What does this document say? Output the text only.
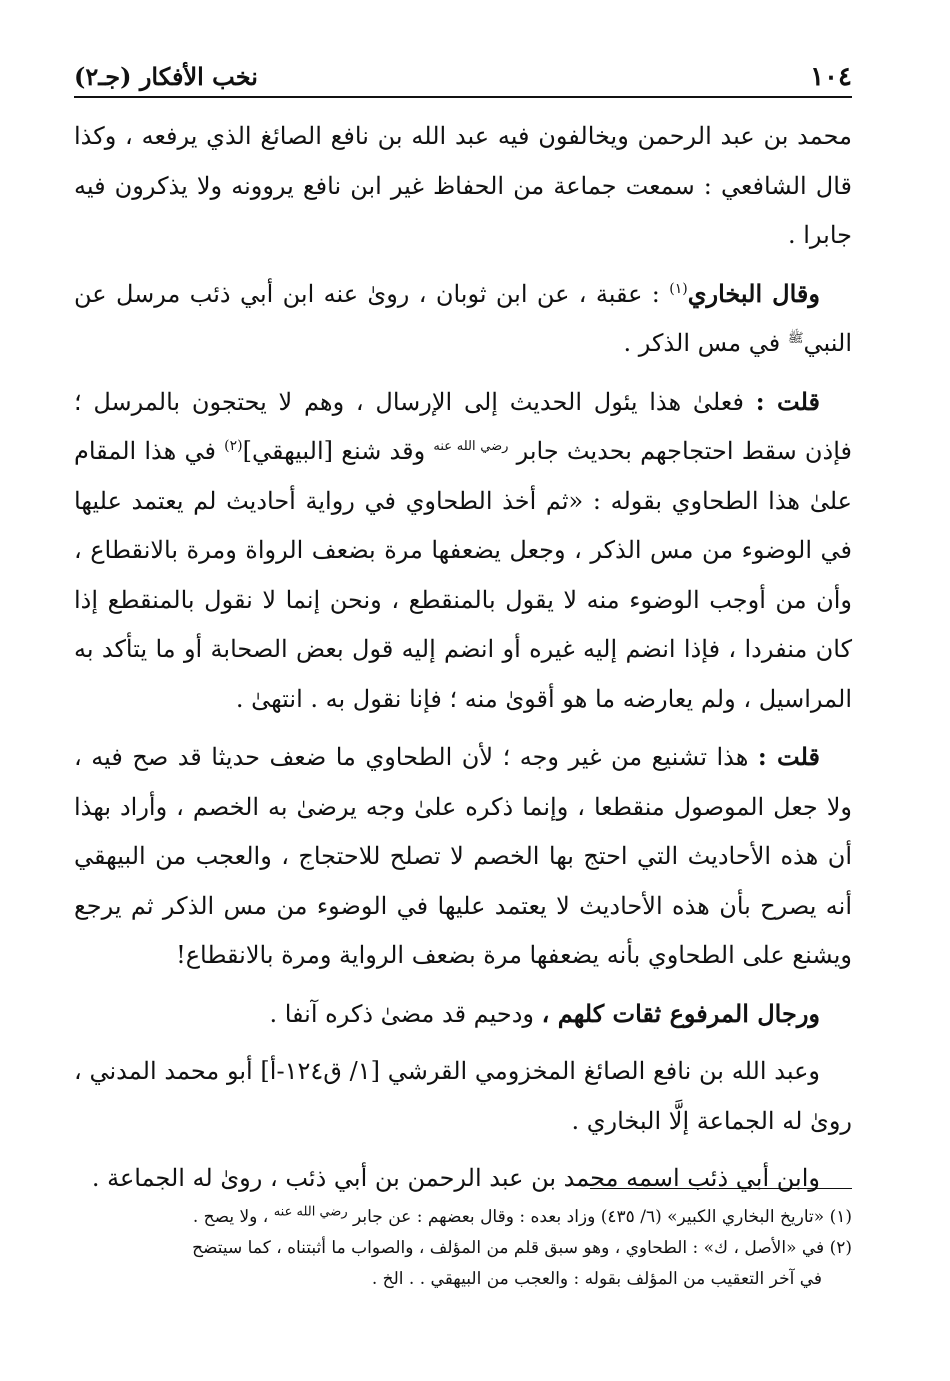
١٠٤
نخب الأفكار (جـ٢)

محمد بن عبد الرحمن ويخالفون فيه عبد الله بن نافع الصائغ الذي يرفعه ، وكذا قال الشافعي : سمعت جماعة من الحفاظ غير ابن نافع يروونه ولا يذكرون فيه جابرا .

وقال البخاري$^{(١)}$ : عقبة ، عن ابن ثوبان ، روىٰ عنه ابن أبي ذئب مرسل عن النبي$^ﷺ$ في مس الذكر .

قلت : فعلىٰ هذا يئول الحديث إلى الإرسال ، وهم لا يحتجون بالمرسل ؛ فإذن سقط احتجاجهم بحديث جابر $^{رضي الله عنه}$ وقد شنع [البيهقي]$^{(٢)}$ في هذا المقام علىٰ هذا الطحاوي بقوله : «ثم أخذ الطحاوي في رواية أحاديث لم يعتمد عليها في الوضوء من مس الذكر ، وجعل يضعفها مرة بضعف الرواة ومرة بالانقطاع ، وأن من أوجب الوضوء منه لا يقول بالمنقطع ، ونحن إنما لا نقول بالمنقطع إذا كان منفردا ، فإذا انضم إليه غيره أو انضم إليه قول بعض الصحابة أو ما يتأكد به المراسيل ، ولم يعارضه ما هو أقوىٰ منه ؛ فإنا نقول به . انتهىٰ .

قلت : هذا تشنيع من غير وجه ؛ لأن الطحاوي ما ضعف حديثا قد صح فيه ، ولا جعل الموصول منقطعا ، وإنما ذكره علىٰ وجه يرضىٰ به الخصم ، وأراد بهذا أن هذه الأحاديث التي احتج بها الخصم لا تصلح للاحتجاج ، والعجب من البيهقي أنه يصرح بأن هذه الأحاديث لا يعتمد عليها في الوضوء من مس الذكر ثم يرجع ويشنع على الطحاوي بأنه يضعفها مرة بضعف الرواية ومرة بالانقطاع!

ورجال المرفوع ثقات كلهم ، ودحيم قد مضىٰ ذكره آنفا .

وعبد الله بن نافع الصائغ المخزومي القرشي [١/ ق١٢٤-أ] أبو محمد المدني ، روىٰ له الجماعة إلَّا البخاري .

وابن أبي ذئب اسمه محمد بن عبد الرحمن بن أبي ذئب ، روىٰ له الجماعة .

(١) «تاريخ البخاري الكبير» (٦/ ٤٣٥) وزاد بعده : وقال بعضهم : عن جابر $^{رضي الله عنه}$ ، ولا يصح .

(٢) في «الأصل ، ك» : الطحاوي ، وهو سبق قلم من المؤلف ، والصواب ما أثبتناه ، كما سيتضح

في آخر التعقيب من المؤلف بقوله : والعجب من البيهقي . . الخ .
